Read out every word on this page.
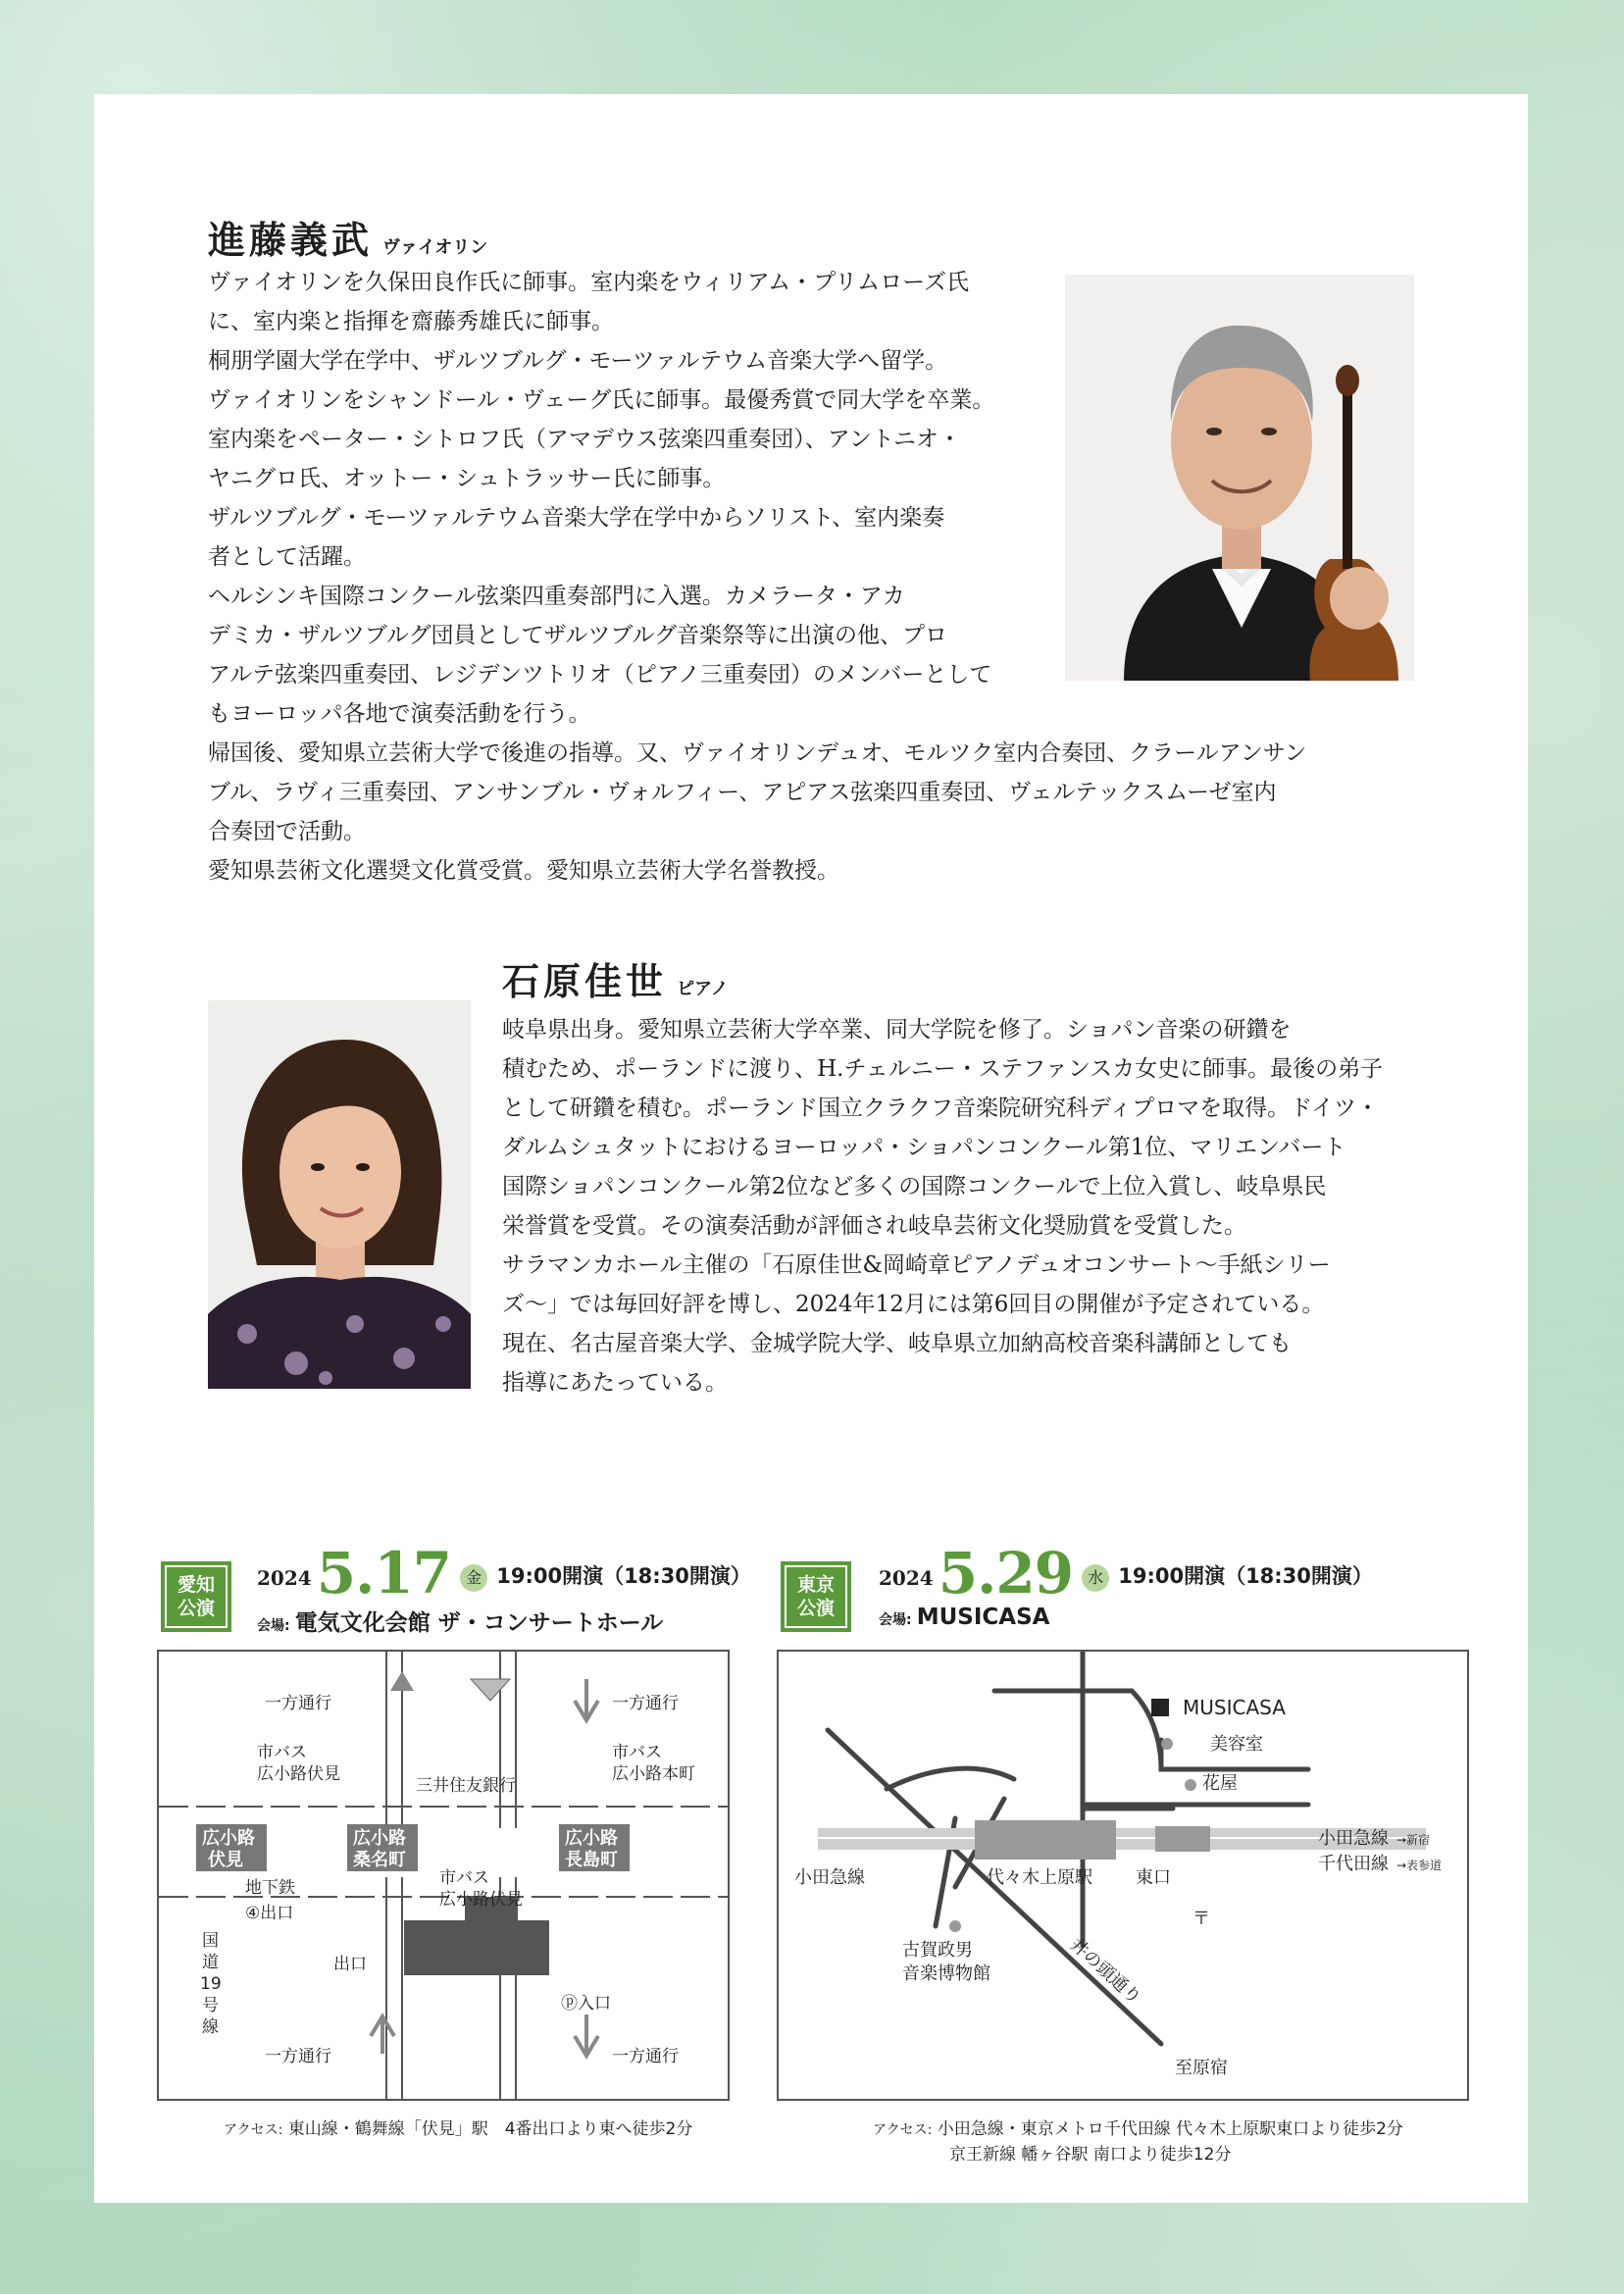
進藤義武 ヴァイオリン

ヴァイオリンを久保田良作氏に師事。室内楽をウィリアム・プリムローズ氏

に、室内楽と指揮を齋藤秀雄氏に師事。

桐朋学園大学在学中、ザルツブルグ・モーツァルテウム音楽大学へ留学。

ヴァイオリンをシャンドール・ヴェーグ氏に師事。最優秀賞で同大学を卒業。

室内楽をペーター・シトロフ氏（アマデウス弦楽四重奏団）、アントニオ・

ヤニグロ氏、オットー・シュトラッサー氏に師事。

ザルツブルグ・モーツァルテウム音楽大学在学中からソリスト、室内楽奏

者として活躍。

ヘルシンキ国際コンクール弦楽四重奏部門に入選。カメラータ・アカ

デミカ・ザルツブルグ団員としてザルツブルグ音楽祭等に出演の他、プロ

アルテ弦楽四重奏団、レジデンツトリオ（ピアノ三重奏団）のメンバーとして

もヨーロッパ各地で演奏活動を行う。

帰国後、愛知県立芸術大学で後進の指導。又、ヴァイオリンデュオ、モルツク室内合奏団、クラールアンサン

ブル、ラヴィ三重奏団、アンサンブル・ヴォルフィー、アピアス弦楽四重奏団、ヴェルテックスムーゼ室内

合奏団で活動。

愛知県芸術文化選奨文化賞受賞。愛知県立芸術大学名誉教授。

石原佳世 ピアノ

岐阜県出身。愛知県立芸術大学卒業、同大学院を修了。ショパン音楽の研鑽を

積むため、ポーランドに渡り、H.チェルニー・ステファンスカ女史に師事。最後の弟子

として研鑽を積む。ポーランド国立クラクフ音楽院研究科ディプロマを取得。ドイツ・

ダルムシュタットにおけるヨーロッパ・ショパンコンクール第1位、マリエンバート

国際ショパンコンクール第2位など多くの国際コンクールで上位入賞し、岐阜県民

栄誉賞を受賞。その演奏活動が評価され岐阜芸術文化奨励賞を受賞した。

サラマンカホール主催の「石原佳世&岡崎章ピアノデュオコンサート〜手紙シリー

ズ〜」では毎回好評を博し、2024年12月には第6回目の開催が予定されている。

現在、名古屋音楽大学、金城学院大学、岐阜県立加納高校音楽科講師としても

指導にあたっている。

愛知
公演
2024 5.17 金 19:00開演（18:30開演）
会場: 電気文化会館 ザ・コンサートホール
一方通行	一方通行
一方通行	一方通行
市バス
広小路伏見
市バス
広小路本町
三井住友銀行
広小路
伏見
広小路
桑名町
広小路
長島町
地下鉄
④出口
市バス
広小路伏見
国
道
19
号
線
出口
ⓟ入口
アクセス: 東山線・鶴舞線「伏見」駅　4番出口より東へ徒歩2分
東京
公演
2024 5.29 水 19:00開演（18:30開演）
会場: MUSICASA
MUSICASA
美容室
花屋
小田急線
小田急線 →新宿
千代田線 →表参道
代々木上原駅 東口
〒
古賀政男
音楽博物館	井の頭通り
至原宿
アクセス: 小田急線・東京メトロ千代田線 代々木上原駅東口より徒歩2分
京王新線 幡ヶ谷駅 南口より徒歩12分
